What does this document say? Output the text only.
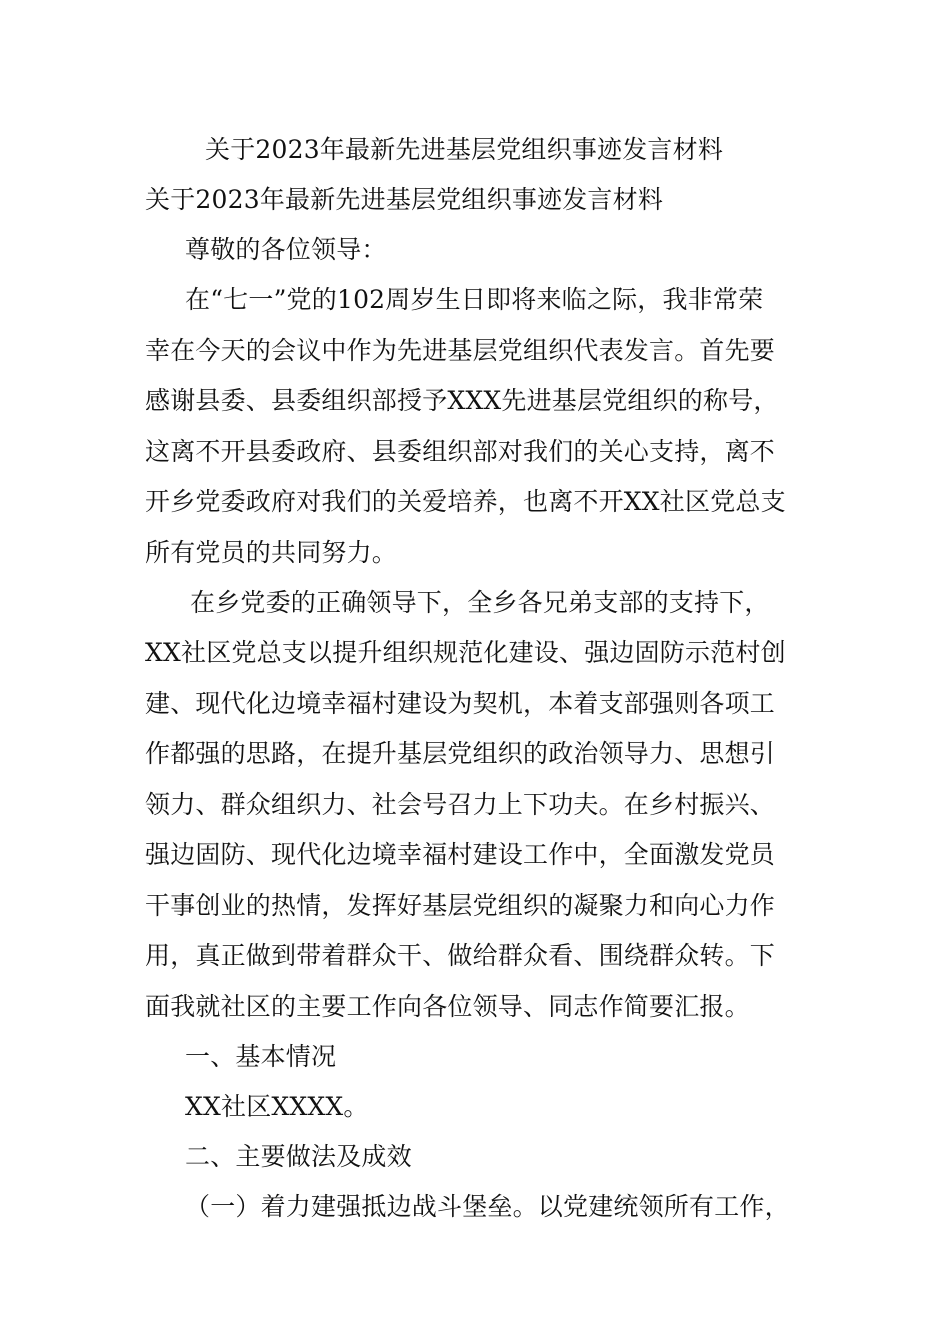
关于2023年最新先进基层党组织事迹发言材料
关于2023年最新先进基层党组织事迹发言材料
尊敬的各位领导：
在“七一”党的102周岁生日即将来临之际，我非常荣
幸在今天的会议中作为先进基层党组织代表发言。首先要
感谢县委、县委组织部授予XXX先进基层党组织的称号，
这离不开县委政府、县委组织部对我们的关心支持，离不
开乡党委政府对我们的关爱培养，也离不开XX社区党总支
所有党员的共同努力。
在乡党委的正确领导下，全乡各兄弟支部的支持下，
XX社区党总支以提升组织规范化建设、强边固防示范村创
建、现代化边境幸福村建设为契机，本着支部强则各项工
作都强的思路，在提升基层党组织的政治领导力、思想引
领力、群众组织力、社会号召力上下功夫。在乡村振兴、
强边固防、现代化边境幸福村建设工作中，全面激发党员
干事创业的热情，发挥好基层党组织的凝聚力和向心力作
用，真正做到带着群众干、做给群众看、围绕群众转。下
面我就社区的主要工作向各位领导、同志作简要汇报。
一、基本情况
XX社区XXXX。
二、主要做法及成效
（一）着力建强抵边战斗堡垒。以党建统领所有工作，
